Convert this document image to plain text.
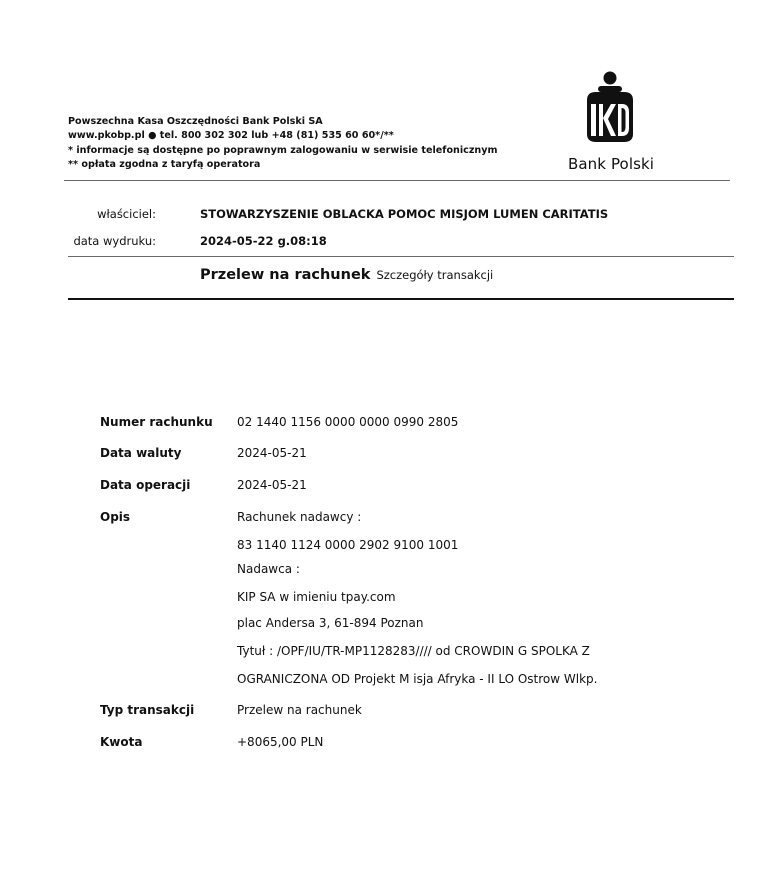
Powszechna Kasa Oszczędności Bank Polski SA
www.pkobp.pl ● tel. 800 302 302 lub +48 (81) 535 60 60*/**
* informacje są dostępne po poprawnym zalogowaniu w serwisie telefonicznym
** opłata zgodna z taryfą operatora	Bank Polski
właściciel:	STOWARZYSZENIE OBLACKA POMOC MISJOM LUMEN CARITATIS
data wydruku:	2024-05-22 g.08:18
Przelew na rachunek Szczegóły transakcji
Numer rachunku 02 1440 1156 0000 0000 0990 2805
Data waluty	2024-05-21
Data operacji	2024-05-21
Opis	Rachunek nadawcy :
83 1140 1124 0000 2902 9100 1001
Nadawca :
KIP SA w imieniu tpay.com
plac Andersa 3, 61-894 Poznan
Tytuł : /OPF/IU/TR-MP1128283//// od CROWDIN G SPOLKA Z
OGRANICZONA OD Projekt M isja Afryka - II LO Ostrow Wlkp.
Typ transakcji	Przelew na rachunek
Kwota	+8065,00 PLN
